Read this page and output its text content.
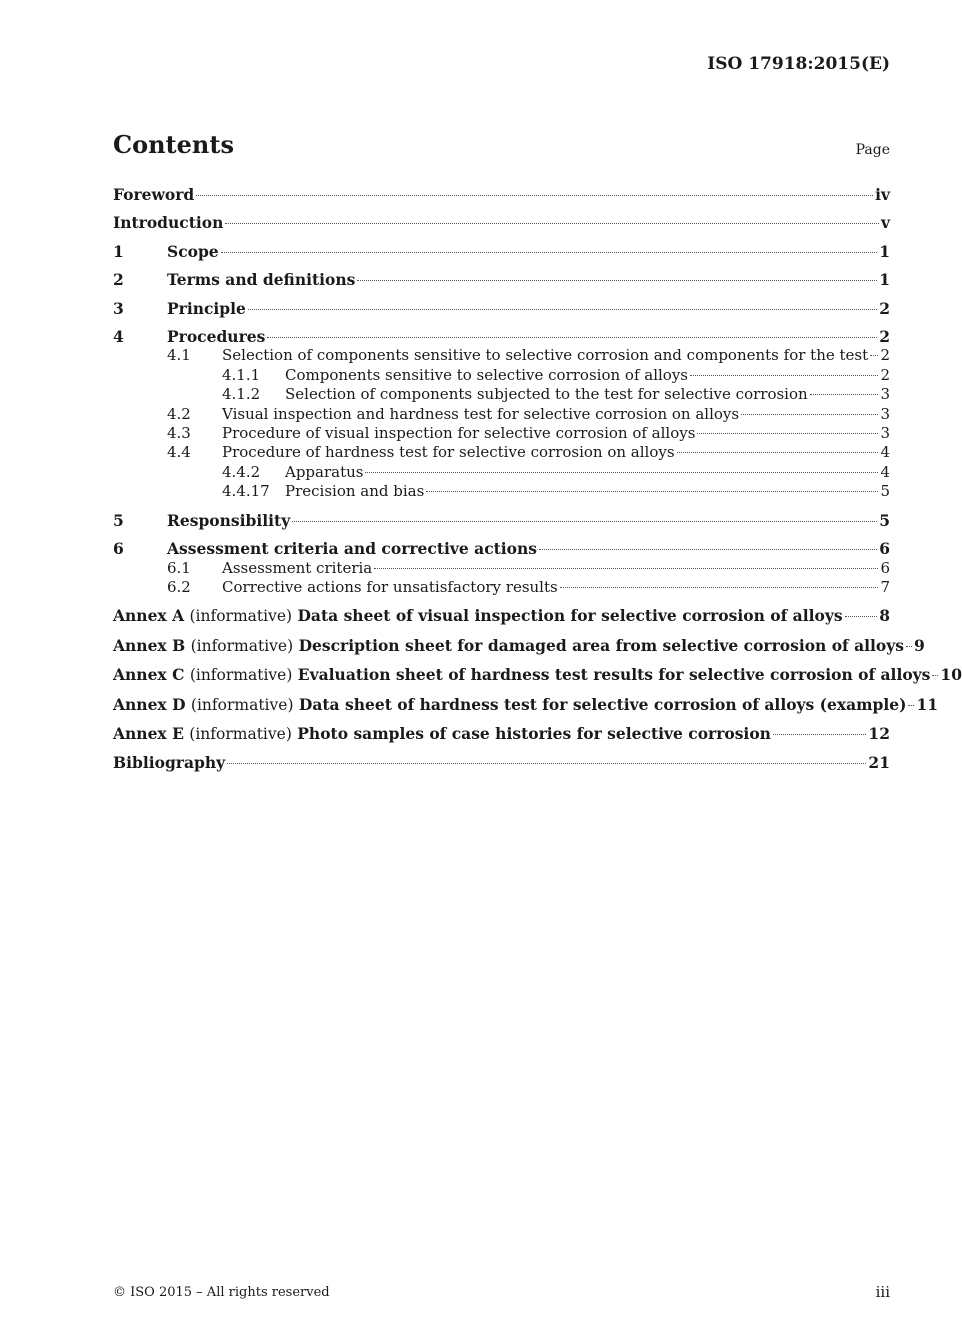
ISO 17918:2015(E)
Contents	Page
Foreword	iv
Introduction	v
1	Scope	1
2	Terms and definitions	1
3	Principle	2
4	Procedures	2
4.1	Selection of components sensitive to selective corrosion and components for the test 2
4.1.1	Components sensitive to selective corrosion of alloys	2
4.1.2	Selection of components subjected to the test for selective corrosion	3
4.2	Visual inspection and hardness test for selective corrosion on alloys	3
4.3	Procedure of visual inspection for selective corrosion of alloys	3
4.4	Procedure of hardness test for selective corrosion on alloys	4
4.4.2	Apparatus	4
4.4.17	Precision and bias	5
5	Responsibility	5
6	Assessment criteria and corrective actions	6
6.1	Assessment criteria	6
6.2	Corrective actions for unsatisfactory results	7
Annex A (informative) Data sheet of visual inspection for selective corrosion of alloys 8
Annex B (informative) Description sheet for damaged area from selective corrosion of alloys 9
Annex C (informative) Evaluation sheet of hardness test results for selective corrosion of alloys 10
Annex D (informative) Data sheet of hardness test for selective corrosion of alloys (example) 11
Annex E (informative) Photo samples of case histories for selective corrosion	12
Bibliography	21
© ISO 2015 – All rights reserved	iii
